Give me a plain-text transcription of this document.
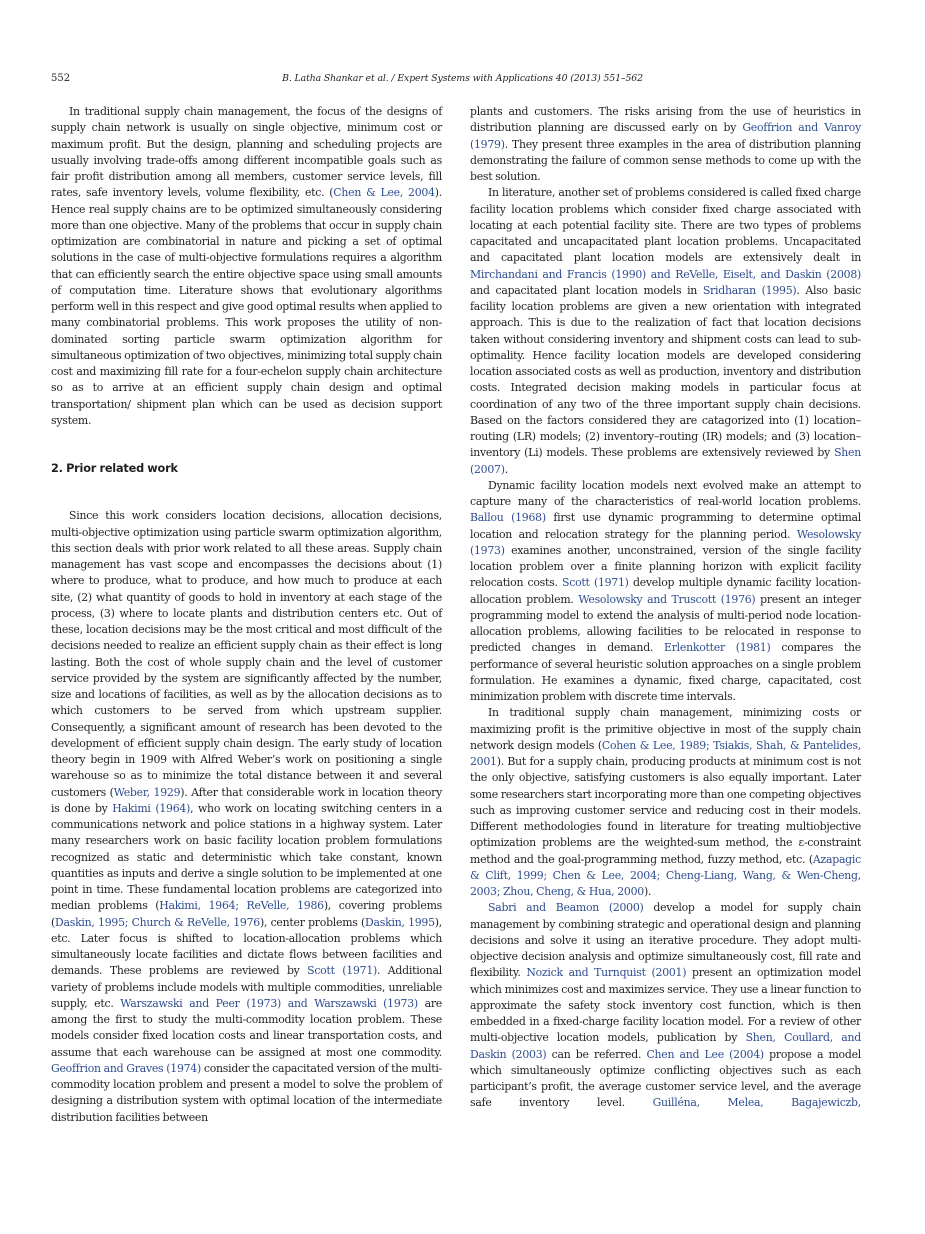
552	B. Latha Shankar et al. / Expert Systems with Applications 40 (2013) 551–562

In traditional supply chain management, the focus of the designs of supply chain network is usually on single objective, minimum cost or maximum profit. But the design, planning and scheduling projects are usually involving trade-offs among different incompatible goals such as fair profit distribution among all members, customer service levels, fill rates, safe inventory levels, volume flexibility, etc. (Chen & Lee, 2004). Hence real supply chains are to be optimized simultaneously considering more than one objective. Many of the problems that occur in supply chain optimization are combinatorial in nature and picking a set of optimal solutions in the case of multi-objective formulations requires a algorithm that can efficiently search the entire objective space using small amounts of computation time. Literature shows that evolutionary algorithms perform well in this respect and give good optimal results when applied to many combinatorial problems. This work proposes the utility of non-dominated sorting particle swarm optimization algorithm for simultaneous optimization of two objectives, minimizing total supply chain cost and maximizing fill rate for a four-echelon supply chain architecture so as to arrive at an efficient supply chain design and optimal transportation/ shipment plan which can be used as decision support system.

2. Prior related work

Since this work considers location decisions, allocation decisions, multi-objective optimization using particle swarm optimization algorithm, this section deals with prior work related to all these areas. Supply chain management has vast scope and encompasses the decisions about (1) where to produce, what to produce, and how much to produce at each site, (2) what quantity of goods to hold in inventory at each stage of the process, (3) where to locate plants and distribution centers etc. Out of these, location decisions may be the most critical and most difficult of the decisions needed to realize an efficient supply chain as their effect is long lasting. Both the cost of whole supply chain and the level of customer service provided by the system are significantly affected by the number, size and locations of facilities, as well as by the allocation decisions as to which customers to be served from which upstream supplier. Consequently, a significant amount of research has been devoted to the development of efficient supply chain design. The early study of location theory begin in 1909 with Alfred Weber’s work on positioning a single warehouse so as to minimize the total distance between it and several customers (Weber, 1929). After that considerable work in location theory is done by Hakimi (1964), who work on locating switching centers in a communications network and police stations in a highway system. Later many researchers work on basic facility location problem formulations recognized as static and deterministic which take constant, known quantities as inputs and derive a single solution to be implemented at one point in time. These fundamental location problems are categorized into median problems (Hakimi, 1964; ReVelle, 1986), covering problems (Daskin, 1995; Church & ReVelle, 1976), center problems (Daskin, 1995), etc. Later focus is shifted to location-allocation problems which simultaneously locate facilities and dictate flows between facilities and demands. These problems are reviewed by Scott (1971). Additional variety of problems include models with multiple commodities, unreliable supply, etc. Warszawski and Peer (1973) and Warszawski (1973) are among the first to study the multi-commodity location problem. These models consider fixed location costs and linear transportation costs, and assume that each warehouse can be assigned at most one commodity. Geoffrion and Graves (1974) consider the capacitated version of the multi-commodity location problem and present a model to solve the problem of designing a distribution system with optimal location of the intermediate distribution facilities between

plants and customers. The risks arising from the use of heuristics in distribution planning are discussed early on by Geoffrion and Vanroy (1979). They present three examples in the area of distribution planning demonstrating the failure of common sense methods to come up with the best solution.

In literature, another set of problems considered is called fixed charge facility location problems which consider fixed charge associated with locating at each potential facility site. There are two types of problems capacitated and uncapacitated plant location problems. Uncapacitated and capacitated plant location models are extensively dealt in Mirchandani and Francis (1990) and ReVelle, Eiselt, and Daskin (2008) and capacitated plant location models in Sridharan (1995). Also basic facility location problems are given a new orientation with integrated approach. This is due to the realization of fact that location decisions taken without considering inventory and shipment costs can lead to sub-optimality. Hence facility location models are developed considering location associated costs as well as production, inventory and distribution costs. Integrated decision making models in particular focus at coordination of any two of the three important supply chain decisions. Based on the factors considered they are catagorized into (1) location–routing (LR) models; (2) inventory–routing (IR) models; and (3) location–inventory (Li) models. These problems are extensively reviewed by Shen (2007).

Dynamic facility location models next evolved make an attempt to capture many of the characteristics of real-world location problems. Ballou (1968) first use dynamic programming to determine optimal location and relocation strategy for the planning period. Wesolowsky (1973) examines another, unconstrained, version of the single facility location problem over a finite planning horizon with explicit facility relocation costs. Scott (1971) develop multiple dynamic facility location-allocation problem. Wesolowsky and Truscott (1976) present an integer programming model to extend the analysis of multi-period node location-allocation problems, allowing facilities to be relocated in response to predicted changes in demand. Erlenkotter (1981) compares the performance of several heuristic solution approaches on a single problem formulation. He examines a dynamic, fixed charge, capacitated, cost minimization problem with discrete time intervals.

In traditional supply chain management, minimizing costs or maximizing profit is the primitive objective in most of the supply chain network design models (Cohen & Lee, 1989; Tsiakis, Shah, & Pantelides, 2001). But for a supply chain, producing products at minimum cost is not the only objective, satisfying customers is also equally important. Later some researchers start incorporating more than one competing objectives such as improving customer service and reducing cost in their models. Different methodologies found in literature for treating multiobjective optimization problems are the weighted-sum method, the ε-constraint method and the goal-programming method, fuzzy method, etc. (Azapagic & Clift, 1999; Chen & Lee, 2004; Cheng-Liang, Wang, & Wen-Cheng, 2003; Zhou, Cheng, & Hua, 2000).

Sabri and Beamon (2000) develop a model for supply chain management by combining strategic and operational design and planning decisions and solve it using an iterative procedure. They adopt multi-objective decision analysis and optimize simultaneously cost, fill rate and flexibility. Nozick and Turnquist (2001) present an optimization model which minimizes cost and maximizes service. They use a linear function to approximate the safety stock inventory cost function, which is then embedded in a fixed-charge facility location model. For a review of other multi-objective location models, publication by Shen, Coullard, and Daskin (2003) can be referred. Chen and Lee (2004) propose a model which simultaneously optimize conflicting objectives such as each participant’s profit, the average customer service level, and the average safe inventory level. Guilléna, Melea, Bagajewiczb,
